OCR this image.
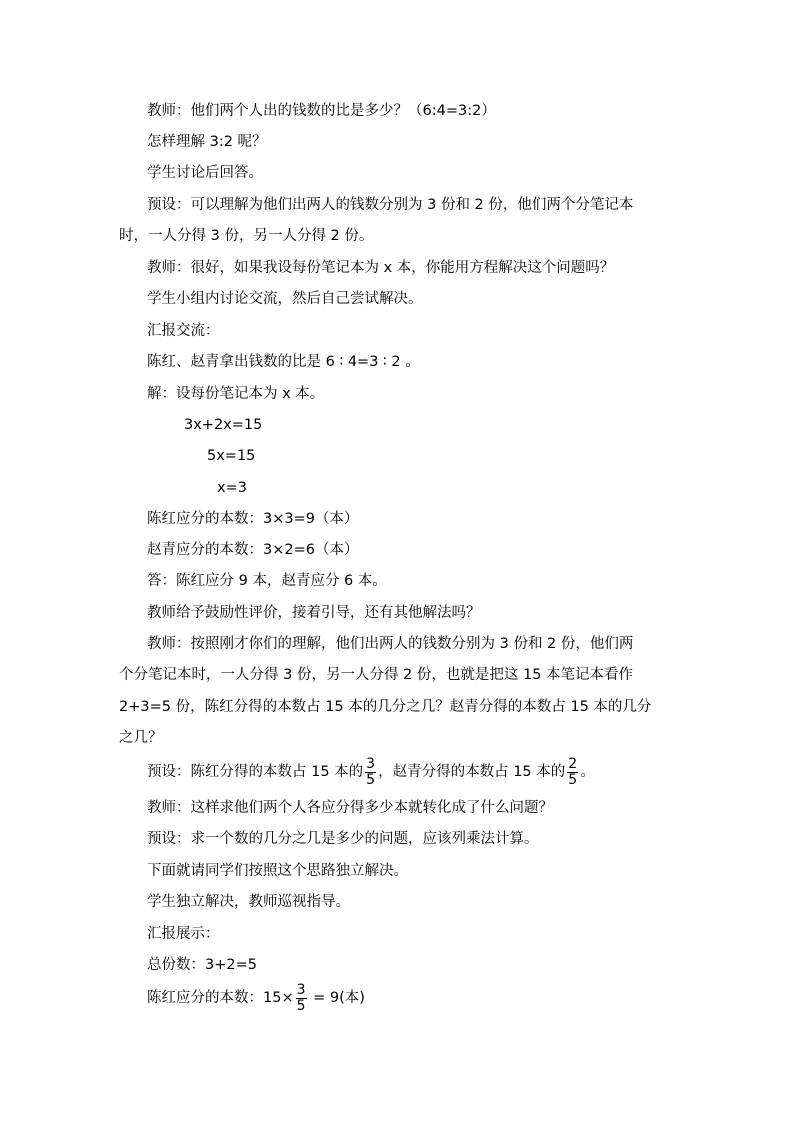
教师：他们两个人出的钱数的比是多少？（6:4=3:2）
怎样理解 3:2 呢？
学生讨论后回答。
预设：可以理解为他们出两人的钱数分别为 3 份和 2 份，他们两个分笔记本
时，一人分得 3 份，另一人分得 2 份。
教师：很好，如果我设每份笔记本为 x 本，你能用方程解决这个问题吗？
学生小组内讨论交流，然后自己尝试解决。
汇报交流：
陈红、赵青拿出钱数的比是 6 ∶ 4=3 ∶ 2 。
解：设每份笔记本为 x 本。
3x+2x=15
5x=15
x=3
陈红应分的本数：3×3=9（本）
赵青应分的本数：3×2=6（本）
答：陈红应分 9 本，赵青应分 6 本。
教师给予鼓励性评价，接着引导，还有其他解法吗？
教师：按照刚才你们的理解，他们出两人的钱数分别为 3 份和 2 份，他们两
个分笔记本时，一人分得 3 份，另一人分得 2 份，也就是把这 15 本笔记本看作
2+3=5 份，陈红分得的本数占 15 本的几分之几？赵青分得的本数占 15 本的几分
之几？
预设：陈红分得的本数占 15 本的 $\frac{3}{5}$ ，赵青分得的本数占 15 本的 $\frac{2}{5}$ 。
教师：这样求他们两个人各应分得多少本就转化成了什么问题？
预设：求一个数的几分之几是多少的问题，应该列乘法计算。
下面就请同学们按照这个思路独立解决。
学生独立解决，教师巡视指导。
汇报展示：
总份数：3+2=5
陈红应分的本数：$15\times \frac{3}{5} = 9$(本)
